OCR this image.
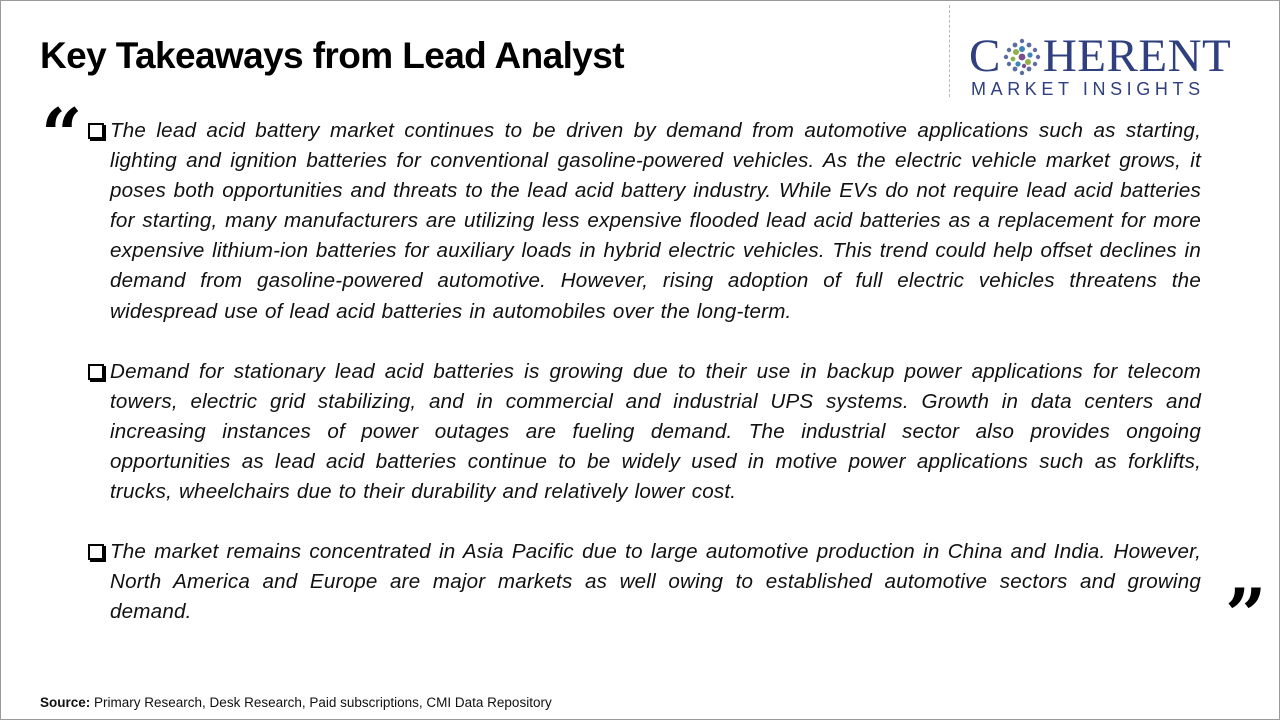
Key Takeaways from Lead Analyst	C HERENT
MARKET INSIGHTS
“	The lead acid battery market continues to be driven by demand from automotive applications such as starting, lighting and ignition batteries for conventional gasoline-powered vehicles. As the electric vehicle market grows, it poses both opportunities and threats to the lead acid battery industry. While EVs do not require lead acid batteries for starting, many manufacturers are utilizing less expensive flooded lead acid batteries as a replacement for more expensive lithium-ion batteries for auxiliary loads in hybrid electric vehicles. This trend could help offset declines in demand from gasoline-powered automotive. However, rising adoption of full electric vehicles threatens the widespread use of lead acid batteries in automobiles over the long-term.
Demand for stationary lead acid batteries is growing due to their use in backup power applications for telecom towers, electric grid stabilizing, and in commercial and industrial UPS systems. Growth in data centers and increasing instances of power outages are fueling demand. The industrial sector also provides ongoing opportunities as lead acid batteries continue to be widely used in motive power applications such as forklifts, trucks, wheelchairs due to their durability and relatively lower cost.
The market remains concentrated in Asia Pacific due to large automotive production in China and India. However, North America and Europe are major markets as well owing to established automotive sectors and growing demand.	”
Source: Primary Research, Desk Research, Paid subscriptions, CMI Data Repository
